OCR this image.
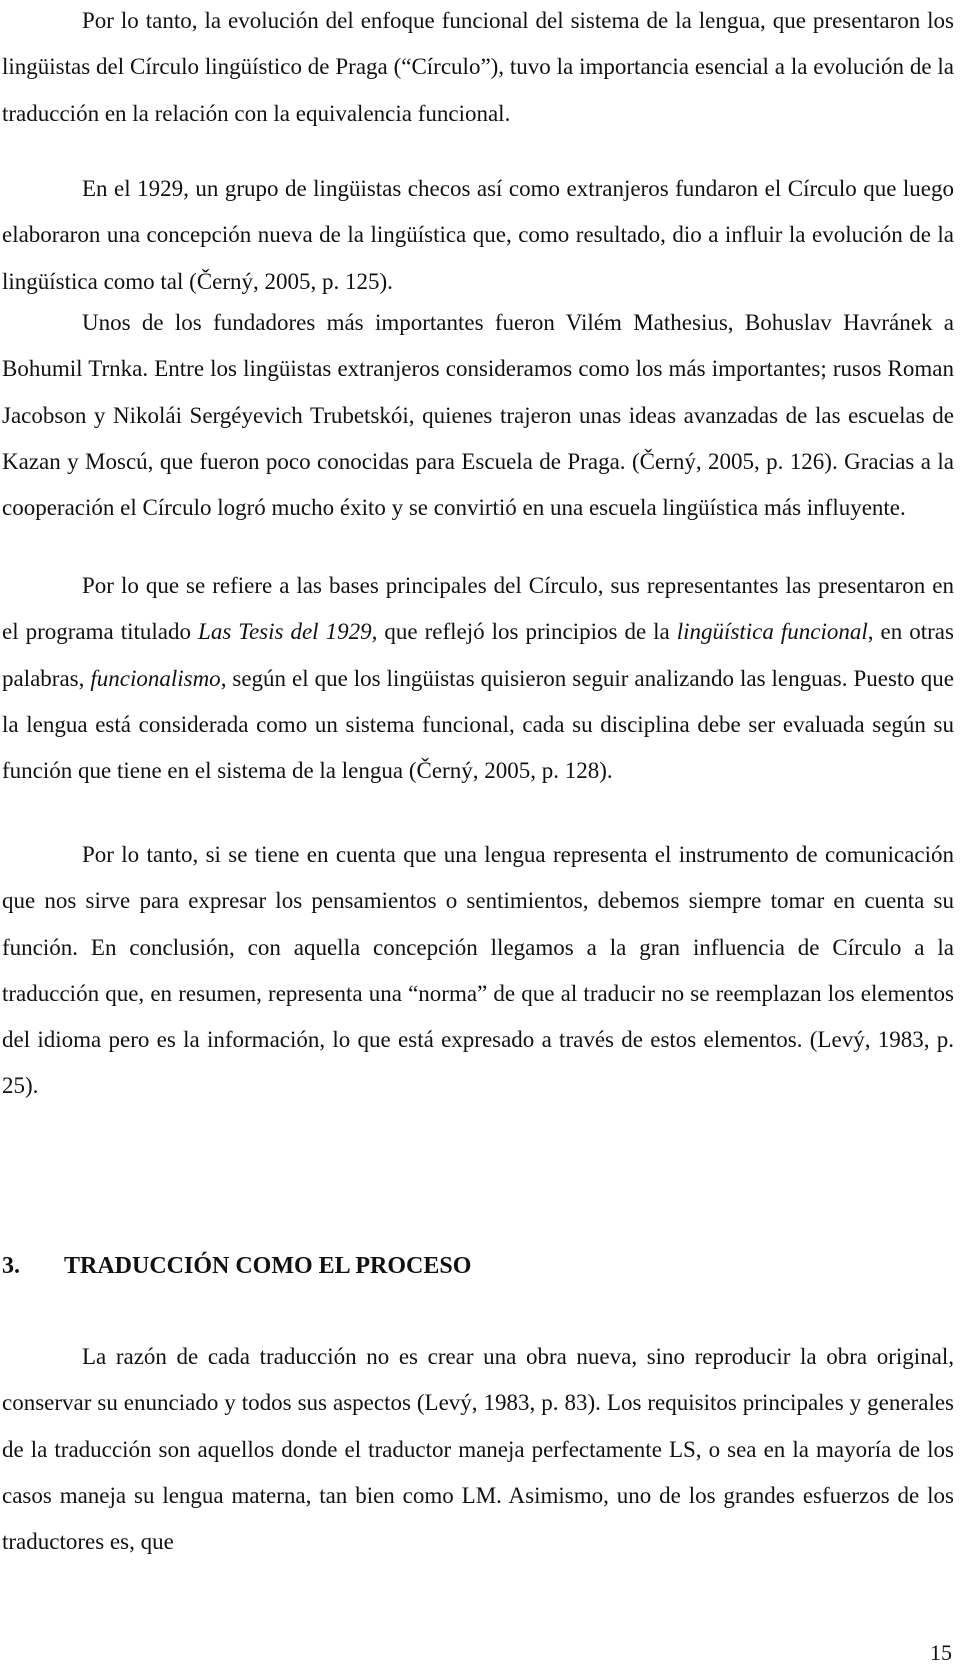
Por lo tanto, la evolución del enfoque funcional del sistema de la lengua, que presentaron los lingüistas del Círculo lingüístico de Praga (“Círculo”), tuvo la importancia esencial a la evolución de la traducción en la relación con la equivalencia funcional.

En el 1929, un grupo de lingüistas checos así como extranjeros fundaron el Círculo que luego elaboraron una concepción nueva de la lingüística que, como resultado, dio a influir la evolución de la lingüística como tal (Černý, 2005, p. 125).

Unos de los fundadores más importantes fueron Vilém Mathesius, Bohuslav Havránek a Bohumil Trnka. Entre los lingüistas extranjeros consideramos como los más importantes; rusos Roman Jacobson y Nikolái Sergéyevich Trubetskói, quienes trajeron unas ideas avanzadas de las escuelas de Kazan y Moscú, que fueron poco conocidas para Escuela de Praga. (Černý, 2005, p. 126). Gracias a la cooperación el Círculo logró mucho éxito y se convirtió en una escuela lingüística más influyente.

Por lo que se refiere a las bases principales del Círculo, sus representantes las presentaron en el programa titulado Las Tesis del 1929, que reflejó los principios de la lingüística funcional, en otras palabras, funcionalismo, según el que los lingüistas quisieron seguir analizando las lenguas. Puesto que la lengua está considerada como un sistema funcional, cada su disciplina debe ser evaluada según su función que tiene en el sistema de la lengua (Černý, 2005, p. 128).

Por lo tanto, si se tiene en cuenta que una lengua representa el instrumento de comunicación que nos sirve para expresar los pensamientos o sentimientos, debemos siempre tomar en cuenta su función. En conclusión, con aquella concepción llegamos a la gran influencia de Círculo a la traducción que, en resumen, representa una “norma” de que al traducir no se reemplazan los elementos del idioma pero es la información, lo que está expresado a través de estos elementos. (Levý, 1983, p. 25).

3. TRADUCCIÓN COMO EL PROCESO

La razón de cada traducción no es crear una obra nueva, sino reproducir la obra original, conservar su enunciado y todos sus aspectos (Levý, 1983, p. 83). Los requisitos principales y generales de la traducción son aquellos donde el traductor maneja perfectamente LS, o sea en la mayoría de los casos maneja su lengua materna, tan bien como LM. Asimismo, uno de los grandes esfuerzos de los traductores es, que

15
